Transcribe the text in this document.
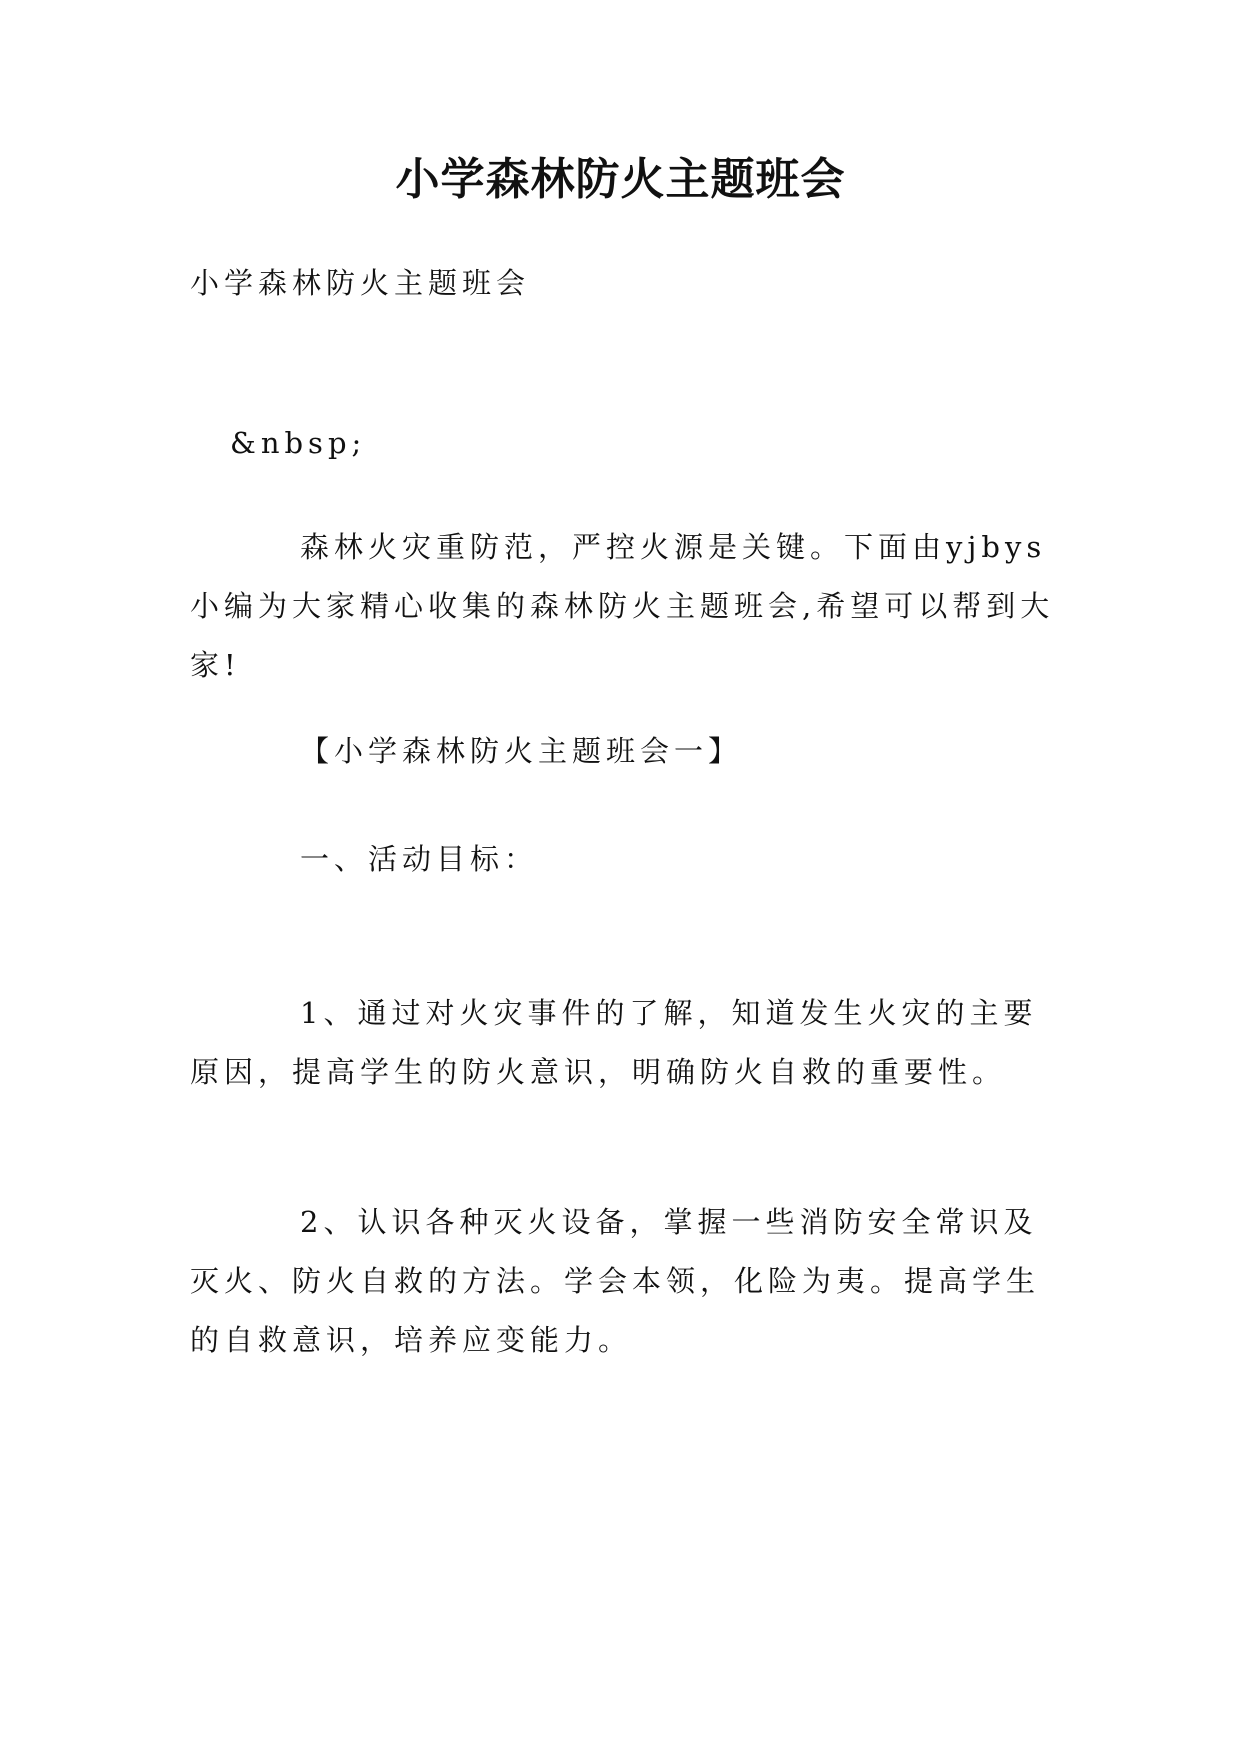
小学森林防火主题班会

小学森林防火主题班会

&nbsp;

森林火灾重防范，严控火源是关键。下面由yjbys小编为大家精心收集的森林防火主题班会,希望可以帮到大家!

【小学森林防火主题班会一】

一、活动目标：

1、通过对火灾事件的了解，知道发生火灾的主要原因，提高学生的防火意识，明确防火自救的重要性。

2、认识各种灭火设备，掌握一些消防安全常识及灭火、防火自救的方法。学会本领，化险为夷。提高学生的自救意识，培养应变能力。
